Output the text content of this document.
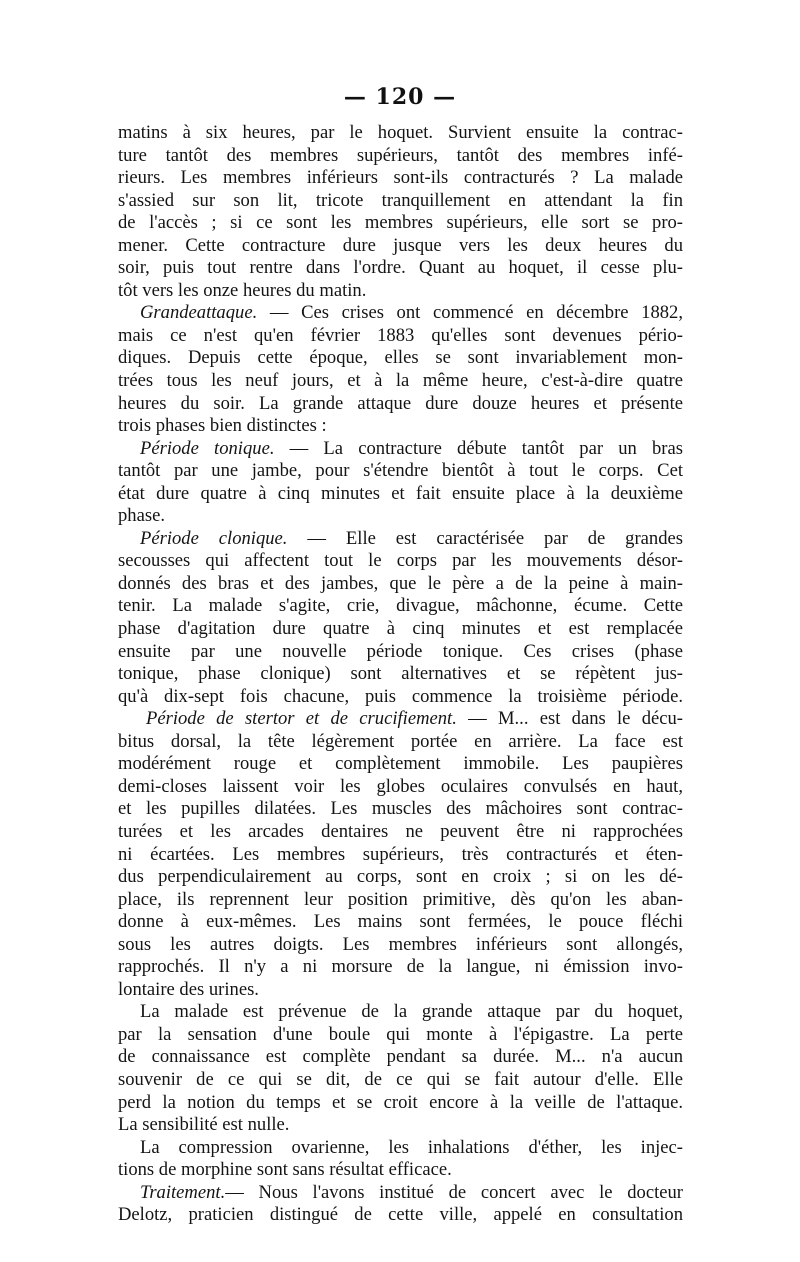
— 120 —
matins à six heures, par le hoquet. Survient ensuite la contrac-
ture tantôt des membres supérieurs, tantôt des membres infé-
rieurs. Les membres inférieurs sont-ils contracturés ? La malade
s'assied sur son lit, tricote tranquillement en attendant la fin
de l'accès ; si ce sont les membres supérieurs, elle sort se pro-
mener. Cette contracture dure jusque vers les deux heures du
soir, puis tout rentre dans l'ordre. Quant au hoquet, il cesse plu-
tôt vers les onze heures du matin.
Grandeattaque. — Ces crises ont commencé en décembre 1882,
mais ce n'est qu'en février 1883 qu'elles sont devenues pério-
diques. Depuis cette époque, elles se sont invariablement mon-
trées tous les neuf jours, et à la même heure, c'est-à-dire quatre
heures du soir. La grande attaque dure douze heures et présente
trois phases bien distinctes :
Période tonique. — La contracture débute tantôt par un bras
tantôt par une jambe, pour s'étendre bientôt à tout le corps. Cet
état dure quatre à cinq minutes et fait ensuite place à la deuxième
phase.
Période clonique. — Elle est caractérisée par de grandes
secousses qui affectent tout le corps par les mouvements désor-
donnés des bras et des jambes, que le père a de la peine à main-
tenir. La malade s'agite, crie, divague, mâchonne, écume. Cette
phase d'agitation dure quatre à cinq minutes et est remplacée
ensuite par une nouvelle période tonique. Ces crises (phase
tonique, phase clonique) sont alternatives et se répètent jus-
qu'à dix-sept fois chacune, puis commence la troisième période.
Période de stertor et de crucifiement. — M... est dans le décu-
bitus dorsal, la tête légèrement portée en arrière. La face est
modérément rouge et complètement immobile. Les paupières
demi-closes laissent voir les globes oculaires convulsés en haut,
et les pupilles dilatées. Les muscles des mâchoires sont contrac-
turées et les arcades dentaires ne peuvent être ni rapprochées
ni écartées. Les membres supérieurs, très contracturés et éten-
dus perpendiculairement au corps, sont en croix ; si on les dé-
place, ils reprennent leur position primitive, dès qu'on les aban-
donne à eux-mêmes. Les mains sont fermées, le pouce fléchi
sous les autres doigts. Les membres inférieurs sont allongés,
rapprochés. Il n'y a ni morsure de la langue, ni émission invo-
lontaire des urines.
La malade est prévenue de la grande attaque par du hoquet,
par la sensation d'une boule qui monte à l'épigastre. La perte
de connaissance est complète pendant sa durée. M... n'a aucun
souvenir de ce qui se dit, de ce qui se fait autour d'elle. Elle
perd la notion du temps et se croit encore à la veille de l'attaque.
La sensibilité est nulle.
La compression ovarienne, les inhalations d'éther, les injec-
tions de morphine sont sans résultat efficace.
Traitement.— Nous l'avons institué de concert avec le docteur
Delotz, praticien distingué de cette ville, appelé en consultation
